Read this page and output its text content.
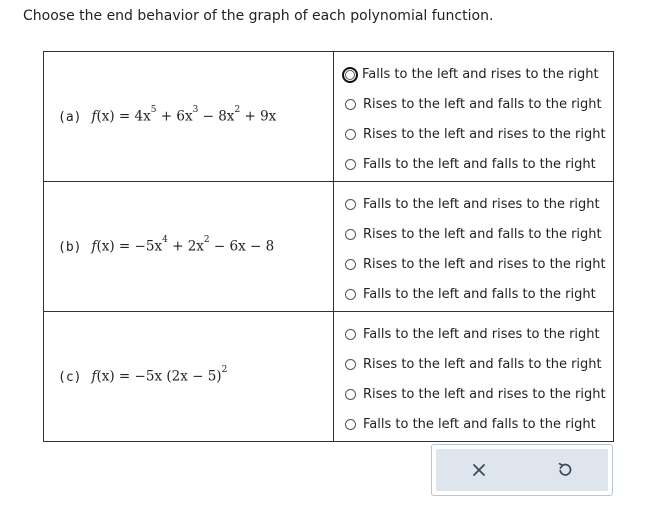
Choose the end behavior of the graph of each polynomial function.
(a) $f(x) = 4x^5 + 6x^3 - 8x^2 + 9x$	Falls to the left and rises to the right
Rises to the left and falls to the right
Rises to the left and rises to the right
Falls to the left and falls to the right

(b) $f(x) = -5x^4 + 2x^2 - 6x - 8$	Falls to the left and rises to the right
Rises to the left and falls to the right
Rises to the left and rises to the right
Falls to the left and falls to the right

(c) f(x) = −5x $(2x - 5)^2$	Falls to the left and rises to the right
Rises to the left and falls to the right
Rises to the left and rises to the right
Falls to the left and falls to the right
